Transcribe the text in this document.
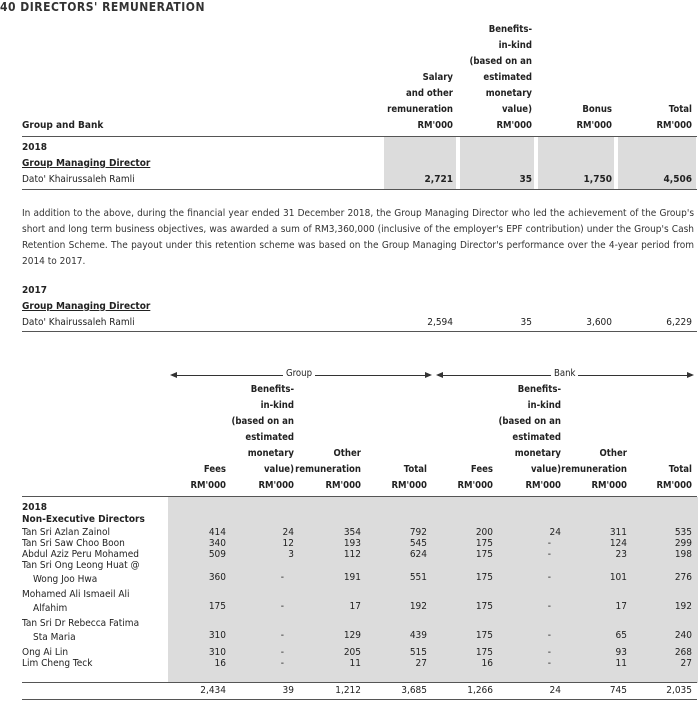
40 DIRECTORS' REMUNERATION
Salary
and other
remuneration
RM'000
Benefits-
in-kind
(based on an
estimated
monetary
value)
RM'000
Bonus
RM'000
Total
RM'000
Group and Bank
2018
Group Managing Director
Dato' Khairussaleh Ramli	2,721	35	1,750	4,506
2017
Group Managing Director
Dato' Khairussaleh Ramli	2,594	35	3,600	6,229
In addition to the above, during the financial year ended 31 December 2018, the Group Managing Director who led the achievement of the Group's short and long term business objectives, was awarded a sum of RM3,360,000 (inclusive of the employer's EPF contribution) under the Group's Cash Retention Scheme. The payout under this retention scheme was based on the Group Managing Director's performance over the 4-year period from 2014 to 2017.
Group	Bank
Fees
RM'000
Benefits-
in-kind
(based on an
estimated
monetary
value)
RM'000
Other
remuneration
RM'000
Total
RM'000
Fees
RM'000
Benefits-
in-kind
(based on an
estimated
monetary
value)
RM'000
Other
remuneration
RM'000
Total
RM'000
2018
Non-Executive Directors
Tan Sri Azlan Zainol	414	24	354	792	200	24	311	535
Tan Sri Saw Choo Boon	340	12	193	545	175	-	124	299
Abdul Aziz Peru Mohamed	509	3	112	624	175	-	23	198
Tan Sri Ong Leong Huat @
Wong Joo Hwa	360	-	191	551	175	-	101	276
Mohamed Ali Ismaeil Ali
Alfahim	175	-	17	192	175	-	17	192
Tan Sri Dr Rebecca Fatima
Sta Maria	310	-	129	439	175	-	65	240
Ong Ai Lin	310	-	205	515	175	-	93	268
Lim Cheng Teck	16	-	11	27	16	-	11	27
2,434	39	1,212	3,685	1,266	24	745	2,035
